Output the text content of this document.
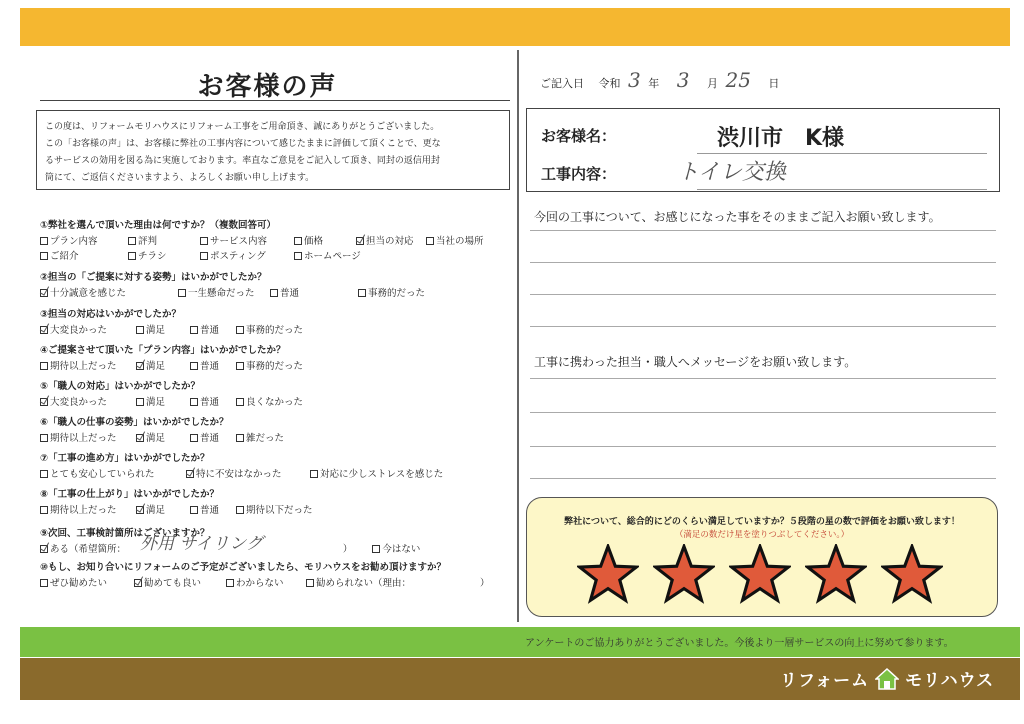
お客様の声
この度は、リフォームモリハウスにリフォーム工事をご用命頂き、誠にありがとうございました。
この「お客様の声」は、お客様に弊社の工事内容について感じたままに評価して頂くことで、更な
るサービスの効用を図る為に実施しております。率直なご意見をご記入して頂き、同封の返信用封
筒にて、ご返信くださいますよう、よろしくお願い申し上げます。
①弊社を選んで頂いた理由は何ですか？（複数回答可）
プラン内容	評判	サービス内容	価格	担当の対応	当社の場所
ご紹介	チラシ	ポスティング	ホームページ
②担当の「ご提案に対する姿勢」はいかがでしたか？
十分誠意を感じた	一生懸命だった	普通	事務的だった
③担当の対応はいかがでしたか？
大変良かった	満足	普通	事務的だった
④ご提案させて頂いた「プラン内容」はいかがでしたか？
期待以上だった	満足	普通	事務的だった
⑤「職人の対応」はいかがでしたか？
大変良かった	満足	普通	良くなかった
⑥「職人の仕事の姿勢」はいかがでしたか？
期待以上だった	満足	普通	雑だった
⑦「工事の進め方」はいかがでしたか？
とても安心していられた	特に不安はなかった	対応に少しストレスを感じた
⑧「工事の仕上がり」はいかがでしたか？
期待以上だった	満足	普通	期待以下だった
⑨次回、工事検討箇所はございますか？
ある（希望箇所： 外用 サイリング	）	今はない
⑩もし、お知り合いにリフォームのご予定がございましたら、モリハウスをお勧め頂けますか？
ぜひ勧めたい	勧めても良い	わからない	勧められない（理由：	）
ご記入日　 令和 3 年 3 月 25 日
お客様名：	渋川市　K様
工事内容：	トイレ交換
今回の工事について、お感じになった事をそのままご記入お願い致します。
工事に携わった担当・職人へメッセージをお願い致します。
弊社について、総合的にどのくらい満足していますか？５段階の星の数で評価をお願い致します！
（満足の数だけ星を塗りつぶしてください。）
アンケートのご協力ありがとうございました。今後より一層サービスの向上に努めて参ります。
リフォーム モリハウス
